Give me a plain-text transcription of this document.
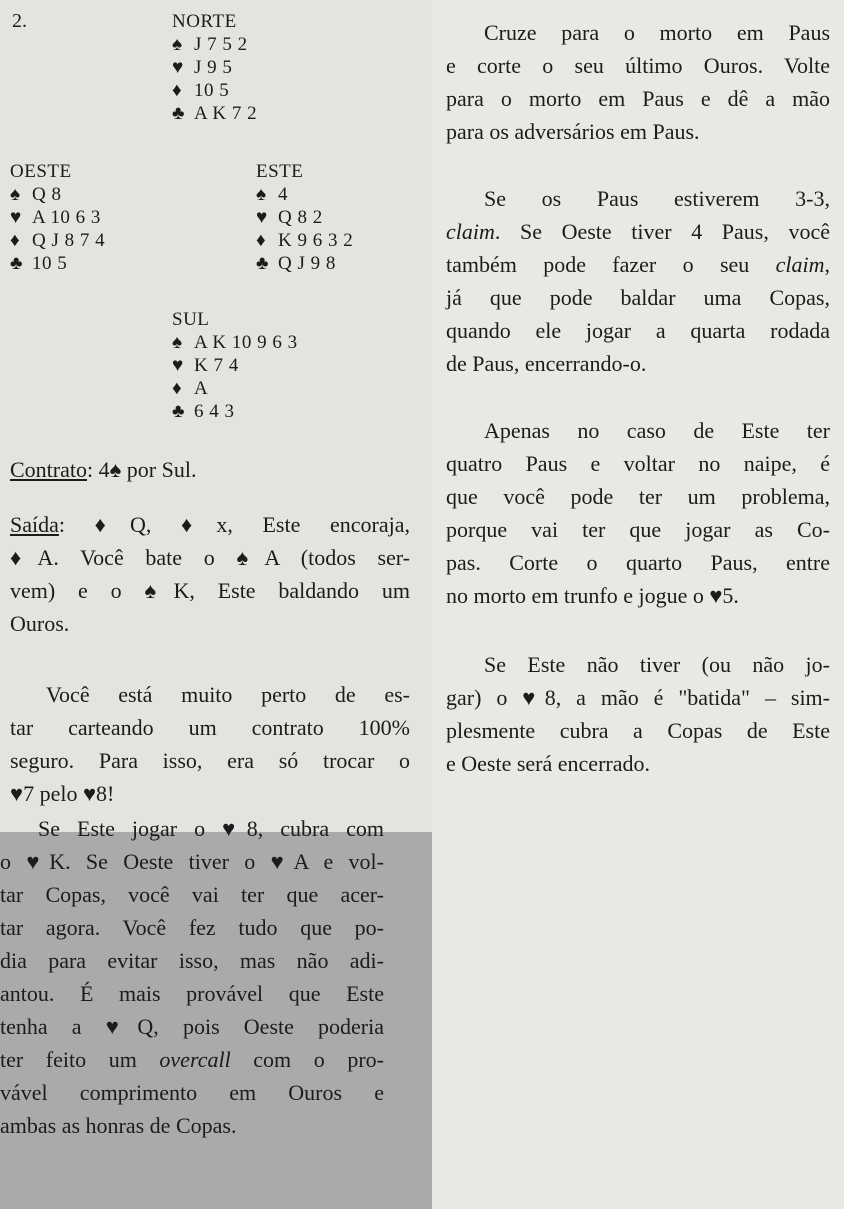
2.	NORTE
♠ J 7 5 2
♥ J 9 5
♦ 10 5
♣ A K 7 2
OESTE
♠ Q 8
♥ A 10 6 3
♦ Q J 8 7 4
♣ 10 5
ESTE
♠ 4
♥ Q 8 2
♦ K 9 6 3 2
♣ Q J 9 8
SUL
♠ A K 10 9 6 3
♥ K 7 4
♦ A
♣ 6 4 3
Contrato: 4♠ por Sul.
Saída: ♦Q, ♦x, Este encoraja,
♦A. Você bate o ♠A (todos ser-
vem) e o ♠K, Este baldando um
Ouros.
Você está muito perto de es-
tar carteando um contrato 100%
seguro. Para isso, era só trocar o
♥7 pelo ♥8!
Cruze para o morto em Paus
e corte o seu último Ouros. Volte
para o morto em Paus e dê a mão
para os adversários em Paus.
Se os Paus estiverem 3-3,
claim. Se Oeste tiver 4 Paus, você
também pode fazer o seu claim,
já que pode baldar uma Copas,
quando ele jogar a quarta rodada
de Paus, encerrando-o.
Apenas no caso de Este ter
quatro Paus e voltar no naipe, é
que você pode ter um problema,
porque vai ter que jogar as Co-
pas. Corte o quarto Paus, entre
no morto em trunfo e jogue o ♥5.
Se Este não tiver (ou não jo-
gar) o ♥8, a mão é "batida" – sim-
plesmente cubra a Copas de Este
e Oeste será encerrado.
Se Este jogar o ♥8, cubra com
o ♥K. Se Oeste tiver o ♥A e vol-
tar Copas, você vai ter que acer-
tar agora. Você fez tudo que po-
dia para evitar isso, mas não adi-
antou. É mais provável que Este
tenha a ♥Q, pois Oeste poderia
ter feito um overcall com o pro-
vável comprimento em Ouros e
ambas as honras de Copas.
